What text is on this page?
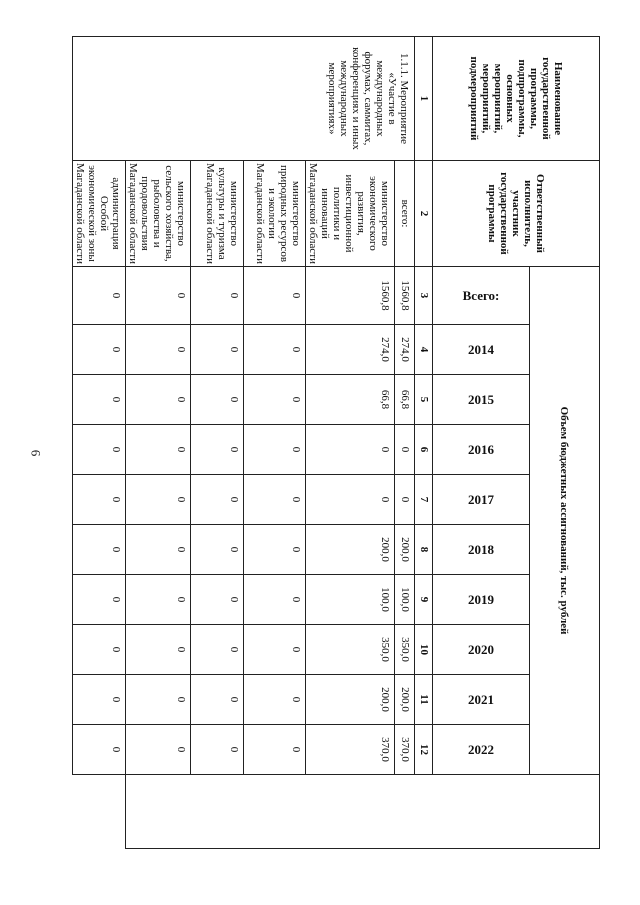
6
Наименование государственной программы, подпрограммы, основных мероприятий, мероприятий, подмероприятий	Ответственный исполнитель, участник государственной программы	Объем бюджетных ассигнований, тыс. рублей										

		Всего:	2014	2015	2016	2017	2018	2019	2020	2021	2022	

1	2	3	4	5	6	7	8	9	10	11	12	
1.1.1. Мероприятие «Участие в международных форумах, саммитах, конференциях и иных международных мероприятиях»	всего:	1560,8	274,0	66,8	0	0	200,0	100,0	350,0	200,0	370,0	
	министерство экономического развития, инвестиционной политики и инноваций Магаданской области	1560,8	274,0	66,8	0	0	200,0	100,0	350,0	200,0	370,0	
	министерство природных ресурсов и экологии Магаданской области	0	0	0	0	0	0	0	0	0	0	
	министерство культуры и туризма Магаданской области	0	0	0	0	0	0	0	0	0	0	
	министерство сельского хозяйства, рыболовства и продовольствия Магаданской области	0	0	0	0	0	0	0	0	0	0	
	администрация Особой экономической зоны Магаданской области	0	0	0	0	0	0	0	0	0	0	
